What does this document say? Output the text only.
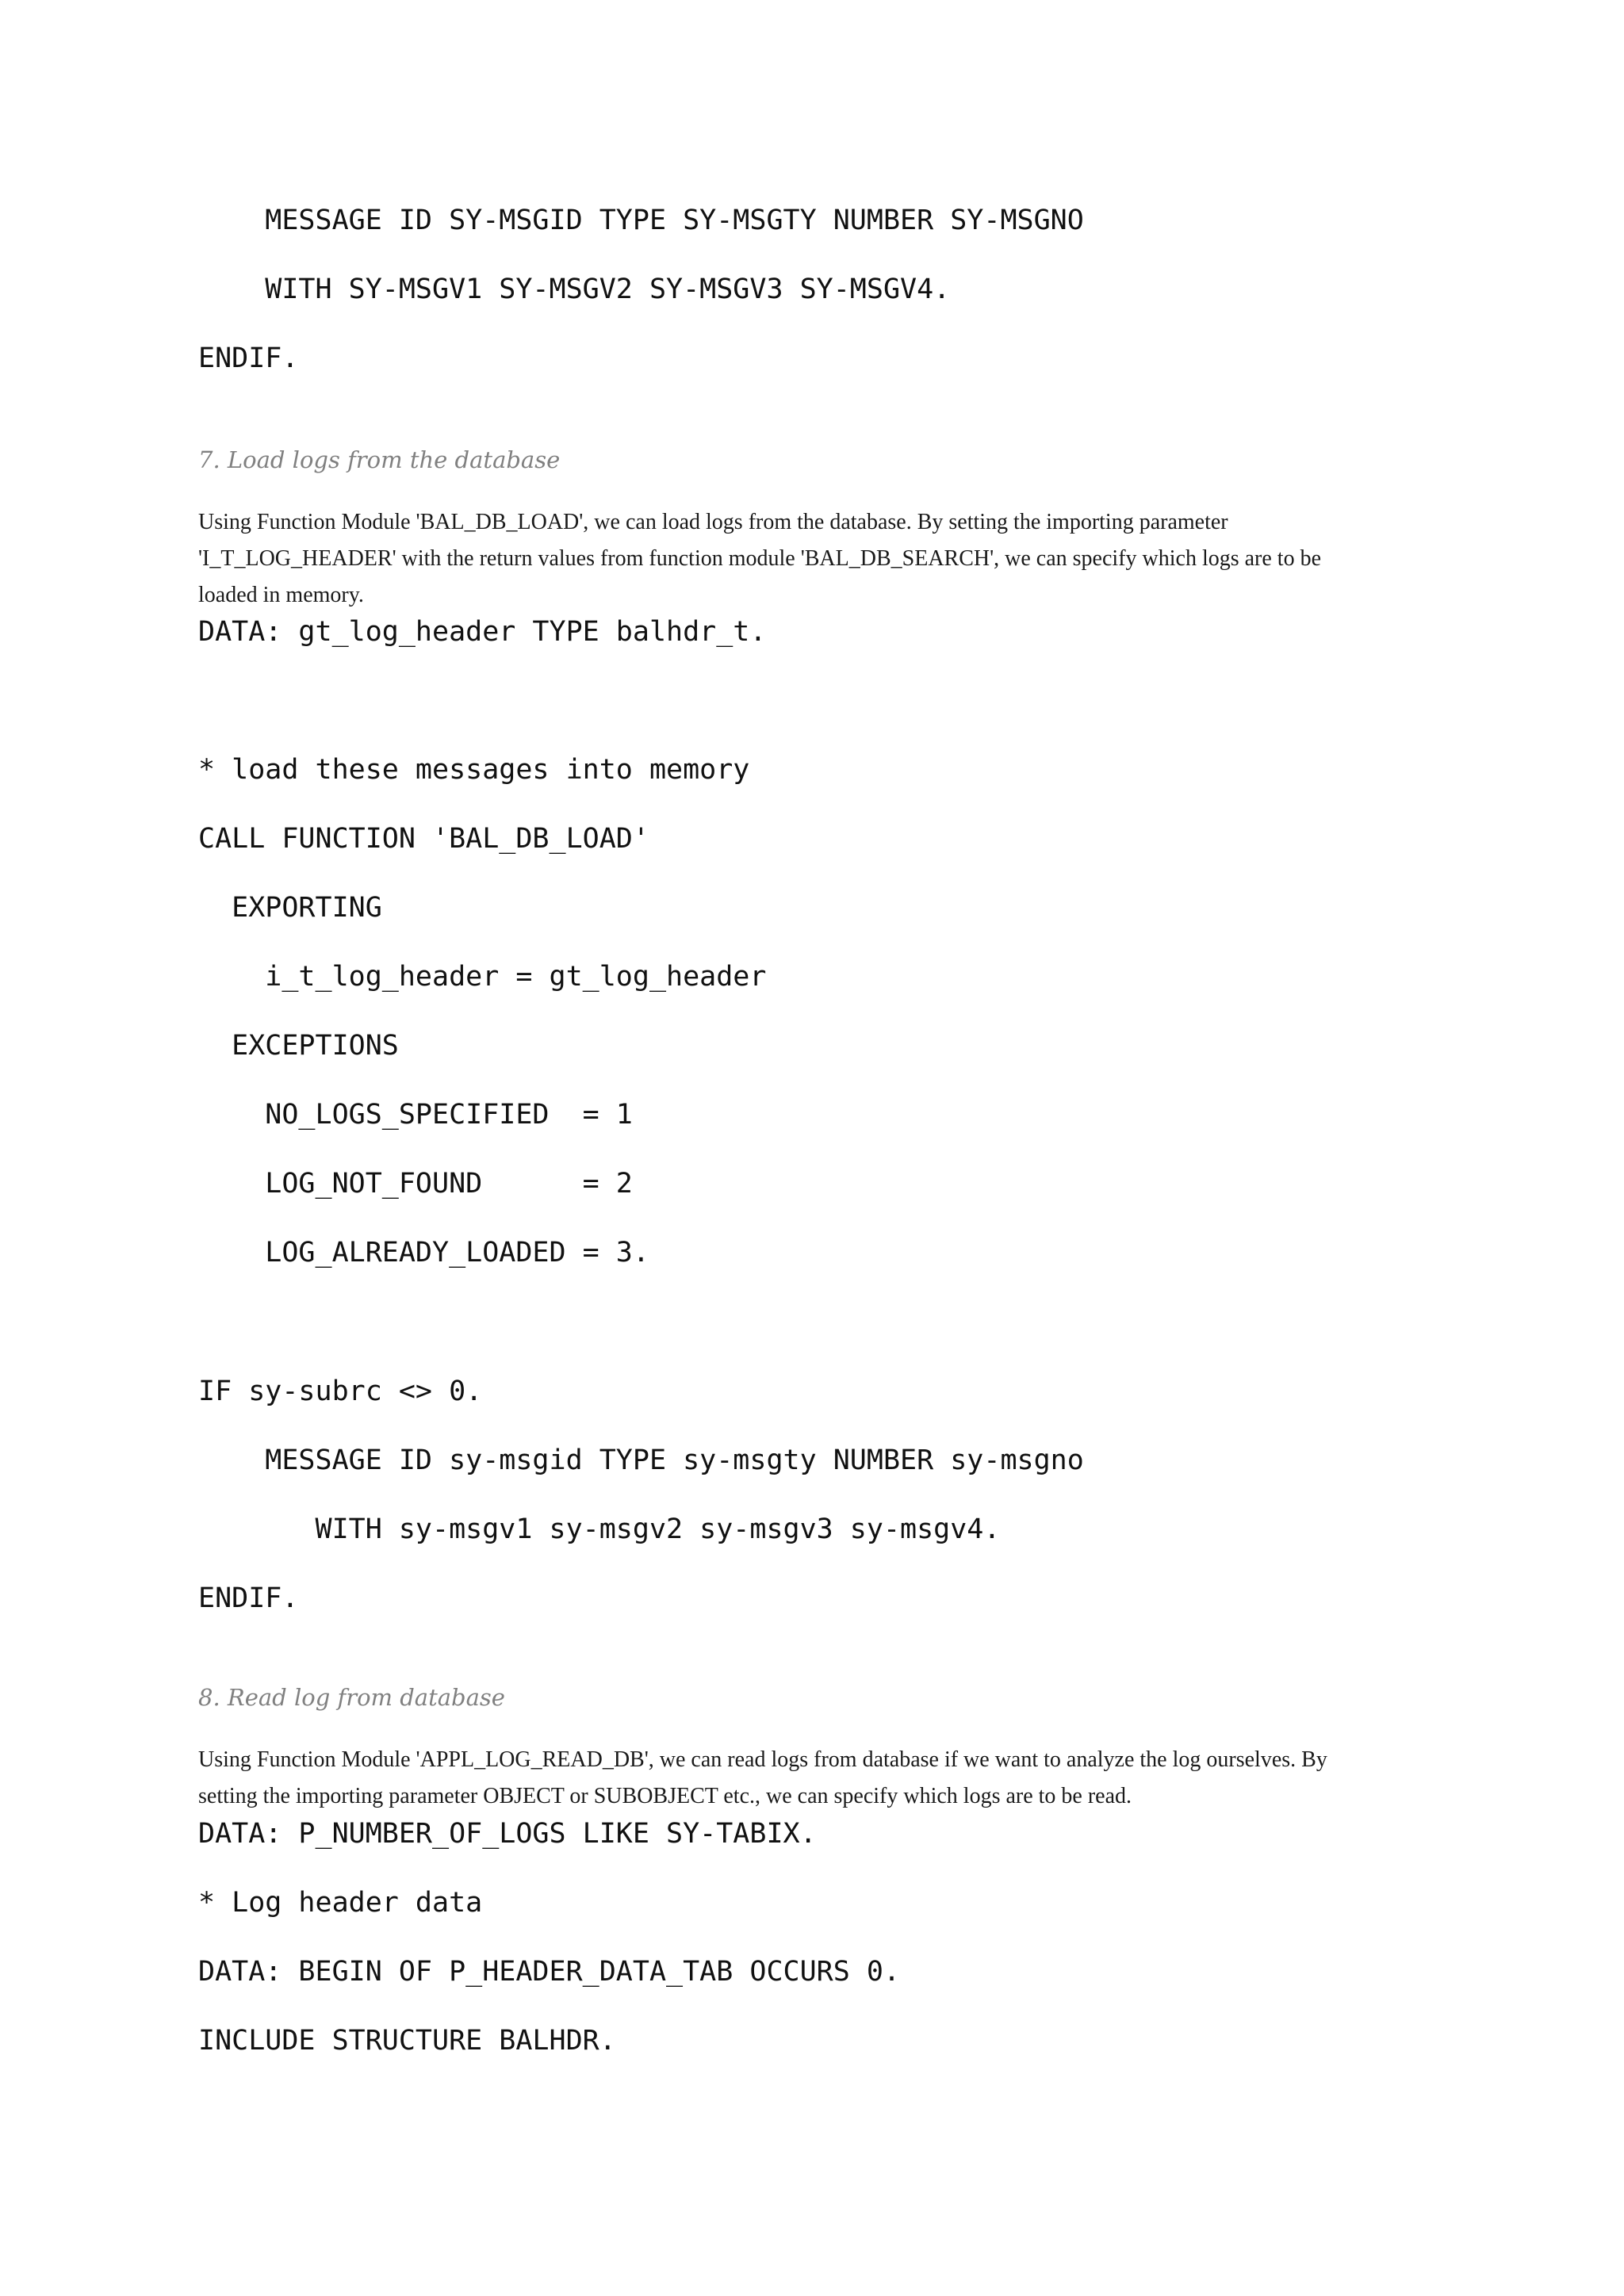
MESSAGE ID SY-MSGID TYPE SY-MSGTY NUMBER SY-MSGNO
WITH SY-MSGV1 SY-MSGV2 SY-MSGV3 SY-MSGV4.
ENDIF.
7. Load logs from the database
Using Function Module 'BAL_DB_LOAD', we can load logs from the database. By setting the importing parameter
'I_T_LOG_HEADER' with the return values from function module 'BAL_DB_SEARCH', we can specify which logs are to be
loaded in memory.
DATA: gt_log_header TYPE balhdr_t.
* load these messages into memory
CALL FUNCTION 'BAL_DB_LOAD'
EXPORTING
i_t_log_header = gt_log_header
EXCEPTIONS
NO_LOGS_SPECIFIED  = 1
LOG_NOT_FOUND      = 2
LOG_ALREADY_LOADED = 3.
IF sy-subrc <> 0.
MESSAGE ID sy-msgid TYPE sy-msgty NUMBER sy-msgno
WITH sy-msgv1 sy-msgv2 sy-msgv3 sy-msgv4.
ENDIF.
8. Read log from database
Using Function Module 'APPL_LOG_READ_DB', we can read logs from database if we want to analyze the log ourselves. By
setting the importing parameter OBJECT or SUBOBJECT etc., we can specify which logs are to be read.
DATA: P_NUMBER_OF_LOGS LIKE SY-TABIX.
* Log header data
DATA: BEGIN OF P_HEADER_DATA_TAB OCCURS 0.
INCLUDE STRUCTURE BALHDR.
